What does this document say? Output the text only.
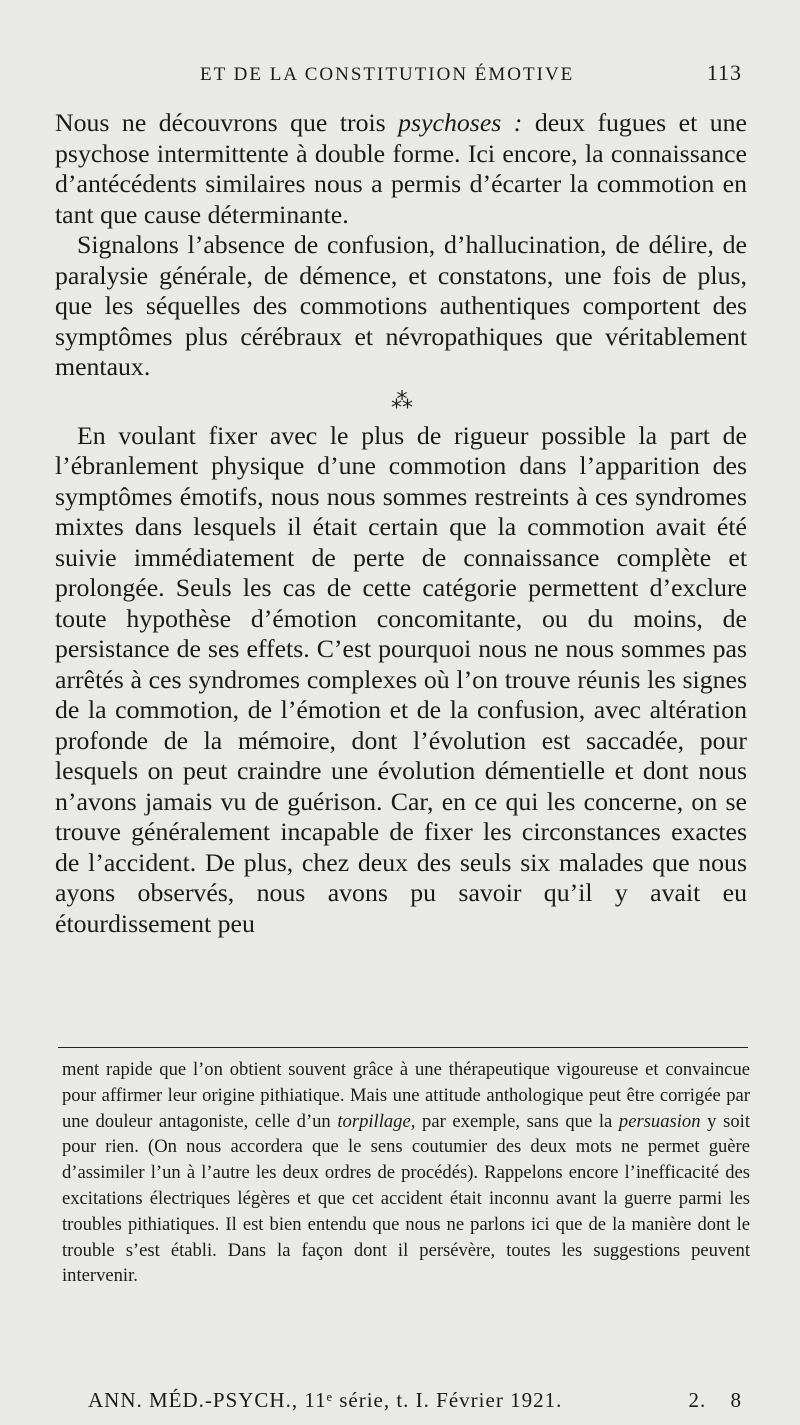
ET DE LA CONSTITUTION ÉMOTIVE	113

Nous ne découvrons que trois psychoses : deux fugues et une psychose intermittente à double forme. Ici encore, la connaissance d’antécédents similaires nous a permis d’écarter la commotion en tant que cause déterminante.

Signalons l’absence de confusion, d’hallucination, de délire, de paralysie générale, de démence, et constatons, une fois de plus, que les séquelles des commotions authentiques comportent des symptômes plus cérébraux et névropathiques que véritablement mentaux.

⁂

En voulant fixer avec le plus de rigueur possible la part de l’ébranlement physique d’une commotion dans l’apparition des symptômes émotifs, nous nous sommes restreints à ces syndromes mixtes dans lesquels il était certain que la commotion avait été suivie immédiatement de perte de connaissance complète et prolongée. Seuls les cas de cette catégorie permettent d’exclure toute hypothèse d’émotion concomitante, ou du moins, de persistance de ses effets. C’est pourquoi nous ne nous sommes pas arrêtés à ces syndromes complexes où l’on trouve réunis les signes de la commotion, de l’émotion et de la confusion, avec altération profonde de la mémoire, dont l’évolution est saccadée, pour lesquels on peut craindre une évolution démentielle et dont nous n’avons jamais vu de guérison. Car, en ce qui les concerne, on se trouve généralement incapable de fixer les circonstances exactes de l’accident. De plus, chez deux des seuls six malades que nous ayons observés, nous avons pu savoir qu’il y avait eu étourdissement peu

ment rapide que l’on obtient souvent grâce à une thérapeutique vigoureuse et convaincue pour affirmer leur origine pithiatique. Mais une attitude anthologique peut être corrigée par une douleur antagoniste, celle d’un torpillage, par exemple, sans que la persuasion y soit pour rien. (On nous accordera que le sens coutumier des deux mots ne permet guère d’assimiler l’un à l’autre les deux ordres de procédés). Rappelons encore l’inefficacité des excitations électriques légères et que cet accident était inconnu avant la guerre parmi les troubles pithiatiques. Il est bien entendu que nous ne parlons ici que de la manière dont le trouble s’est établi. Dans la façon dont il persévère, toutes les suggestions peuvent intervenir.

ANN. MÉD.-PSYCH., 11ᵉ série, t. I. Février 1921.	2. 8
